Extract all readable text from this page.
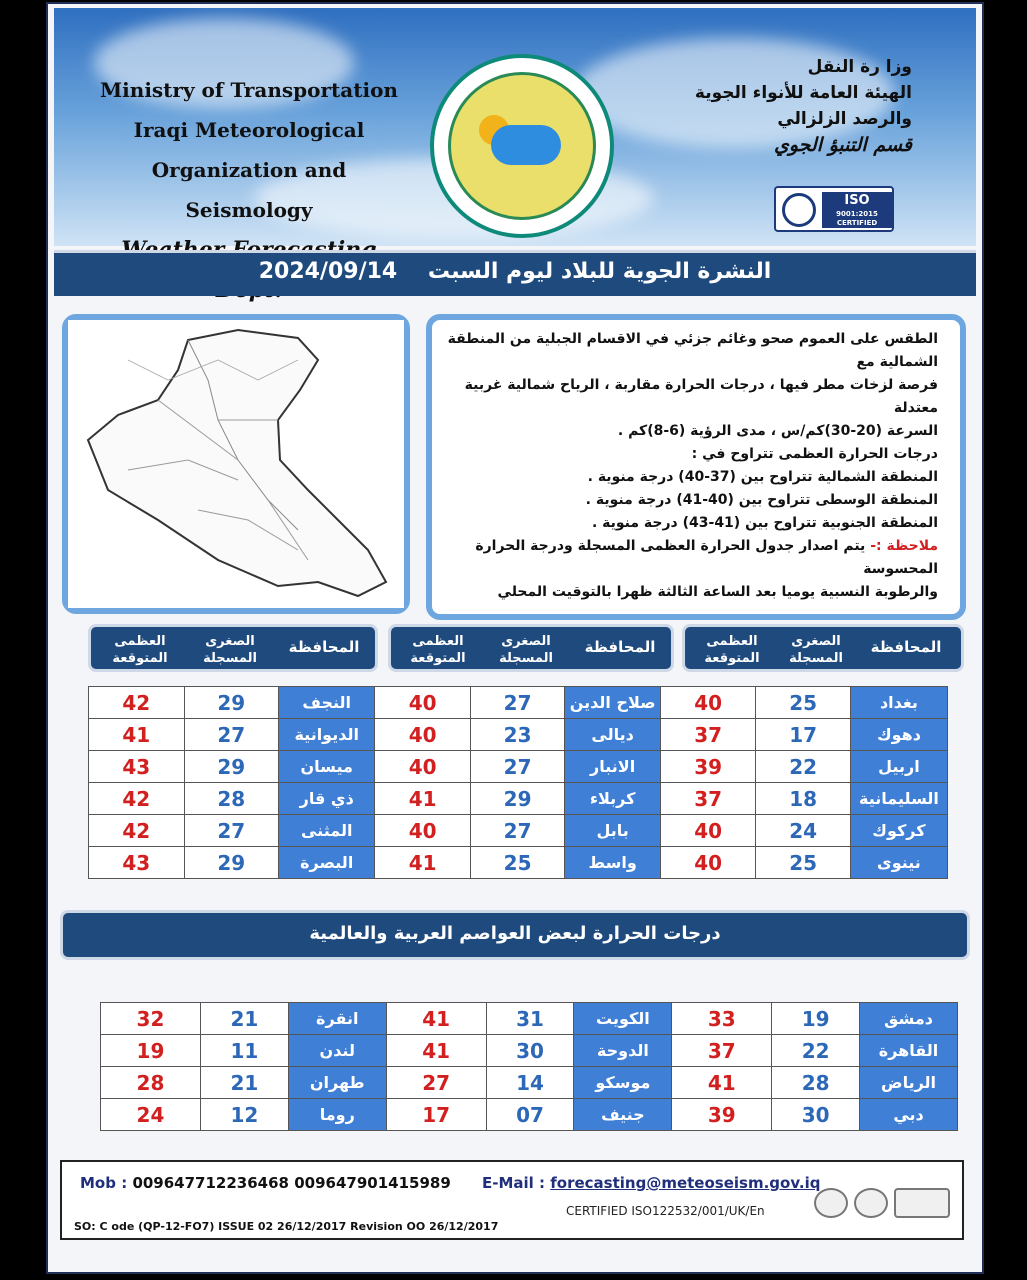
Ministry of Transportation
Iraqi Meteorological
Organization and Seismology
وزا رة النقل
الهيئة العامة للأنواء الجوية
والرصد الزلزالي
قسم التنبؤ الجوي
ISO
9001:2015 CERTIFIED
النشرة الجوية للبلاد ليوم السبت    2024/09/14
الطقس على العموم صحو وغائم جزئي في الاقسام الجبلية من المنطقة الشمالية مع
فرصة لزخات مطر فيها ، درجات الحرارة مقاربة ، الرياح شمالية غربية معتدلة
السرعة (20-30)كم/س ، مدى الرؤية (6-8)كم .
درجات الحرارة العظمى تتراوح في :
المنطقة الشمالية تتراوح بين (37-40) درجة منوية .
المنطقة الوسطى تتراوح بين (40-41) درجة منوية .
المنطقة الجنوبية تتراوح بين (41-43) درجة منوية .
ملاحظة :- يتم اصدار جدول الحرارة العظمى المسجلة ودرجة الحرارة المحسوسة
والرطوبة النسبية يوميا بعد الساعة الثالثة ظهرا بالتوقيت المحلي
المحافظة
الصغرى
المسجلة
العظمى
المتوقعة
المحافظة
الصغرى
المسجلة
العظمى
المتوقعة
المحافظة
الصغرى
المسجلة
العظمى
المتوقعة
بغداد	25	40	صلاح الدين	27	40	النجف	29	42
دهوك	17	37	ديالى	23	40	الديوانية	27	41
اربيل	22	39	الانبار	27	40	ميسان	29	43
السليمانية	18	37	كربلاء	29	41	ذي قار	28	42
كركوك	24	40	بابل	27	40	المثنى	27	42
نينوى	25	40	واسط	25	41	البصرة	29	43
درجات الحرارة لبعض العواصم العربية والعالمية
دمشق	19	33	الكويت	31	41	انقرة	21	32
القاهرة	22	37	الدوحة	30	41	لندن	11	19
الرياض	28	41	موسكو	14	27	طهران	21	28
دبي	30	39	جنيف	07	17	روما	12	24
Mob : 009647712236468 009647901415989 E-Mail : forecasting@meteoseism.gov.iq
CERTIFIED ISO122532/001/UK/En
SO: C ode (QP-12-FO7) ISSUE 02 26/12/2017 Revision OO 26/12/2017
